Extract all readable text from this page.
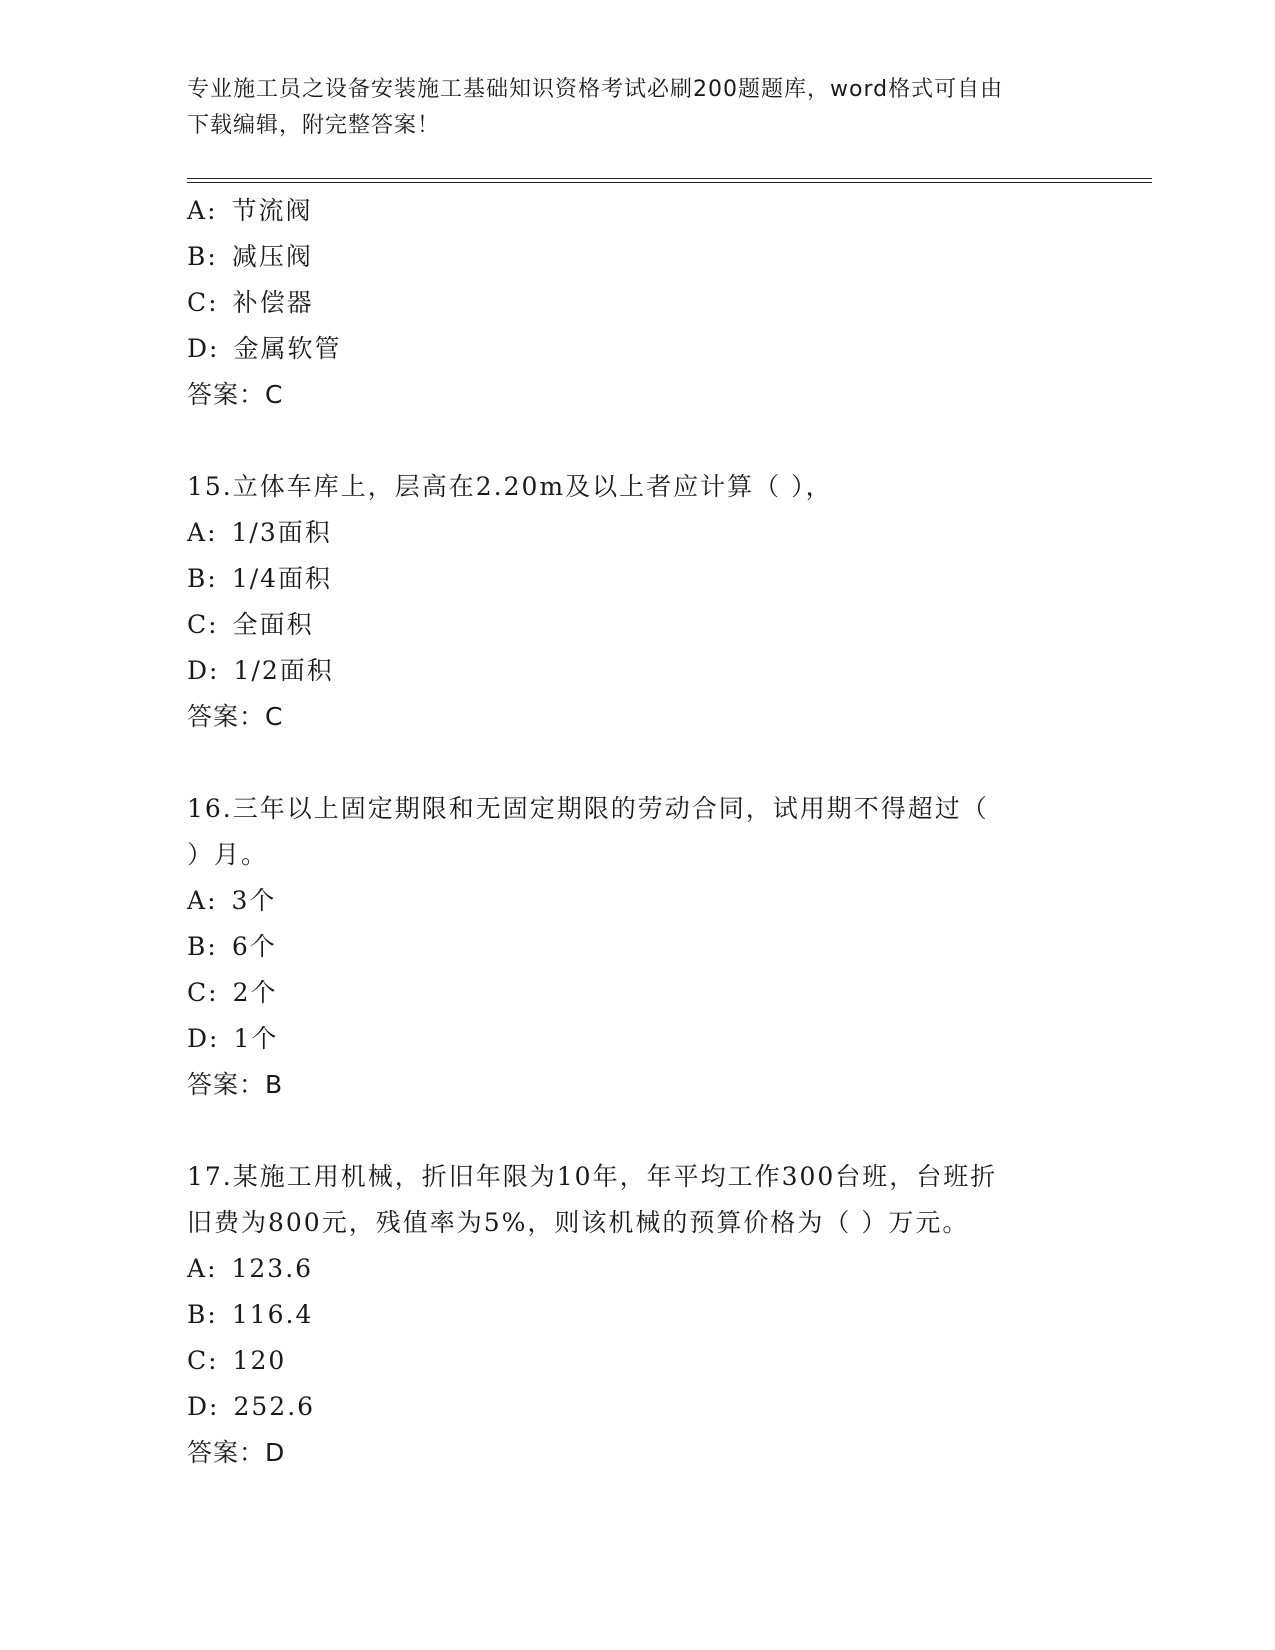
专业施工员之设备安装施工基础知识资格考试必刷200题题库，word格式可自由
下载编辑，附完整答案！
A: 节流阀
B: 减压阀
C: 补偿器
D: 金属软管
答案：C
15.立体车库上，层高在2.20m及以上者应计算（ ），
A: 1/3面积
B: 1/4面积
C: 全面积
D: 1/2面积
答案：C
16.三年以上固定期限和无固定期限的劳动合同，试用期不得超过（
）月。
A: 3个
B: 6个
C: 2个
D: 1个
答案：B
17.某施工用机械，折旧年限为10年，年平均工作300台班，台班折
旧费为800元，残值率为5%，则该机械的预算价格为（ ）万元。
A: 123.6
B: 116.4
C: 120
D: 252.6
答案：D
